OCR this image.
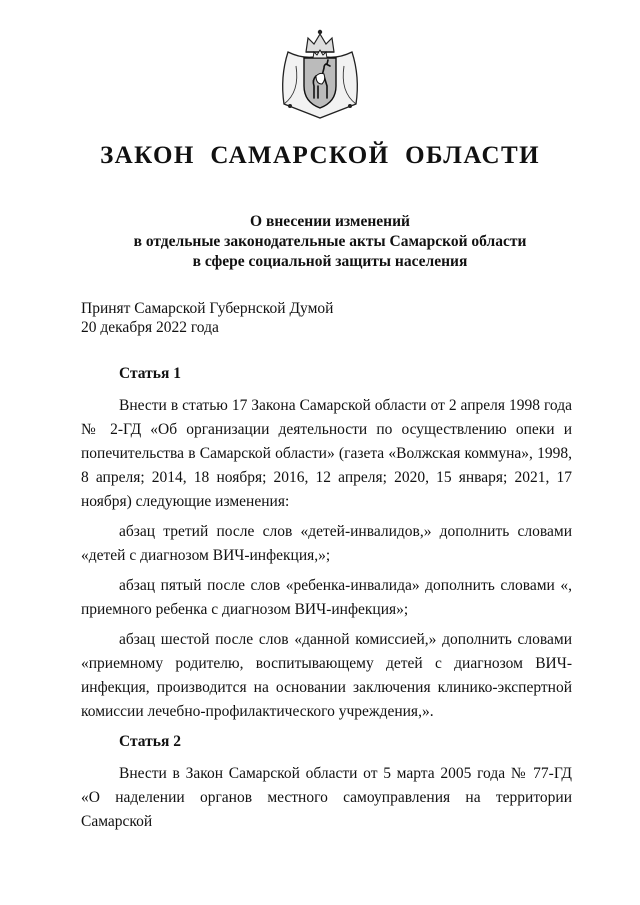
ЗАКОН САМАРСКОЙ ОБЛАСТИ
О внесении изменений
в отдельные законодательные акты Самарской области
в сфере социальной защиты населения
Принят Самарской Губернской Думой
20 декабря 2022 года
Статья 1

Внести в статью 17 Закона Самарской области от 2 апреля 1998 года № 2-ГД «Об организации деятельности по осуществлению опеки и попечительства в Самарской области» (газета «Волжская коммуна», 1998, 8 апреля; 2014, 18 ноября; 2016, 12 апреля; 2020, 15 января; 2021, 17 ноября) следующие изменения:

абзац третий после слов «детей-инвалидов,» дополнить словами «детей с диагнозом ВИЧ-инфекция,»;

абзац пятый после слов «ребенка-инвалида» дополнить словами «, приемного ребенка с диагнозом ВИЧ-инфекция»;

абзац шестой после слов «данной комиссией,» дополнить словами «приемному родителю, воспитывающему детей с диагнозом ВИЧ-инфекция, производится на основании заключения клинико-экспертной комиссии лечебно-профилактического учреждения,».

Статья 2

Внести в Закон Самарской области от 5 марта 2005 года № 77-ГД «О наделении органов местного самоуправления на территории Самарской
